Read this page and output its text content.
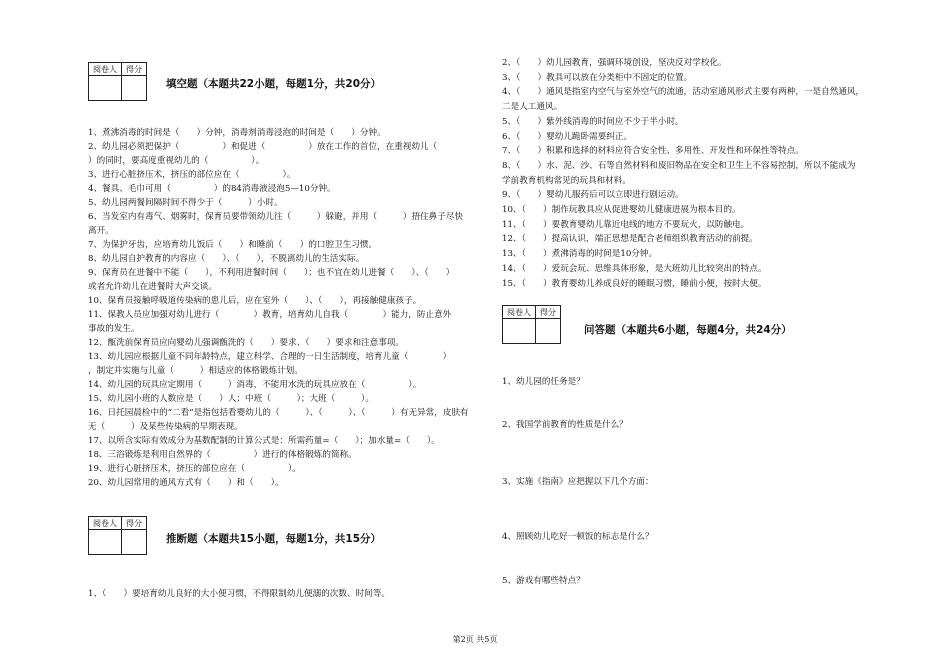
阅卷人	得分

填空题（本题共22小题，每题1分，共20分）
1、煮沸消毒的时间是（　　）分钟，消毒剂消毒浸泡的时间是（　　）分钟。
2、幼儿园必须把保护（　　　　　）和促进（　　　　　）放在工作的首位，在重视幼儿（
）的同时，要高度重视幼儿的（　　　　　）。
3、进行心脏挤压术，挤压的部位应在（　　　　　）。
4、餐具、毛巾可用（　　　　　）的84消毒液浸泡5—10分钟。
5、幼儿园两餐间隔时间不得少于（　　　）小时。
6、当发室内有毒气、烟雾时，保育员要带领幼儿往（　　　）躲避，并用（　　　）捂住鼻子尽快
离开。
7、为保护牙齿，应培育幼儿饭后（　　）和睡前（　　）的口腔卫生习惯。
8、幼儿园自护教育的内容应（　　）、（　　），不脱离幼儿的生活实际。
9、保育员在进餐中不能（　　），不利用进餐时间（　　）；也不宜在幼儿进餐（　　）、（　　）
或者允许幼儿在进餐时大声交谈。
10、保育员接触呼吸道传染病的患儿后，应在室外（　　）、（　　），再接触健康孩子。
11、保教人员应加强对幼儿进行（　　　　）教育，培育幼儿自我（　　　　）能力，防止意外
事故的发生。
12、甑洗前保育员应向婴幼儿强调甑洗的（　　）要求、（　　）要求和注意事项。
13、幼儿园应根据儿童不同年龄特点，建立科学、合理的一日生活制度，培育儿童（　　　　）
，制定并实施与儿童（　　　）相适应的体格锻炼计划。
14、幼儿园的玩具应定期用（　　　）消毒，不能用水洗的玩具应放在（　　　　　）。
15、幼儿园小班的人数应是（　　）人；中班（　　　）；大班（　　　）。
16、日托园晨检中的“二看”是指包括看婴幼儿的（　　　）、（　　　）、（　　　）有无异常，皮肤有
无（　　　）及某些传染病的早期表现。
17、以所含实际有效成分为基数配制的计算公式是：所需药量=（　　）；加水量=（　　）。
18、三浴锻炼是利用自然界的（　　　　　）进行的体格锻炼的简称。
19、进行心脏挤压术，挤压的部位应在（　　　　　）。
20、幼儿园常用的通风方式有（　　）和（　　）。
阅卷人	得分

推断题（本题共15小题，每题1分，共15分）
1、（　　）要培育幼儿良好的大小便习惯，不得限制幼儿便溺的次数、时间等。
2、（　　）幼儿园教育，强调环境创设，坚决反对学校化。
3、（　　）教具可以放在分类柜中不固定的位置。
4、（　　）通风是指室内空气与室外空气的流通，活动室通风形式主要有两种，一是自然通风，
二是人工通风。
5、（　　）紫外线消毒的时间应不少于半小时。
6、（　　）婴幼儿跪卧需要纠正。
7、（　　）积累和选择的材料应符合安全性、多用性、开发性和环保性等特点。
8、（　　）水、泥、沙、石等自然材料和废旧物品在安全和卫生上不容易控制，所以不能成为
学前教育机构常见的玩具和材料。
9、（　　）婴幼儿服药后可以立即进行剧运动。
10、（　　）制作玩教具应从促进婴幼儿健康进展为根本目的。
11、（　　）要教育婴幼儿靠近电线的地方不要玩火，以防触电。
12、（　　）提高认识，端正思想是配合老师组织教育活动的前提。
13、（　　）煮沸消毒的时间是10分钟。
14、（　　）爱玩会玩、思维具体形象，是大班幼儿比较突出的特点。
15、（　　）教育婴幼儿养成良好的睡眠习惯，睡前小便，按时大便。
阅卷人	得分

问答题（本题共6小题，每题4分，共24分）
1、幼儿园的任务是？
2、我国学前教育的性质是什么？
3、实施《指南》应把握以下几个方面：
4、照顾幼儿吃好一顿饭的标志是什么？
5、游戏有哪些特点？
第2页 共5页
